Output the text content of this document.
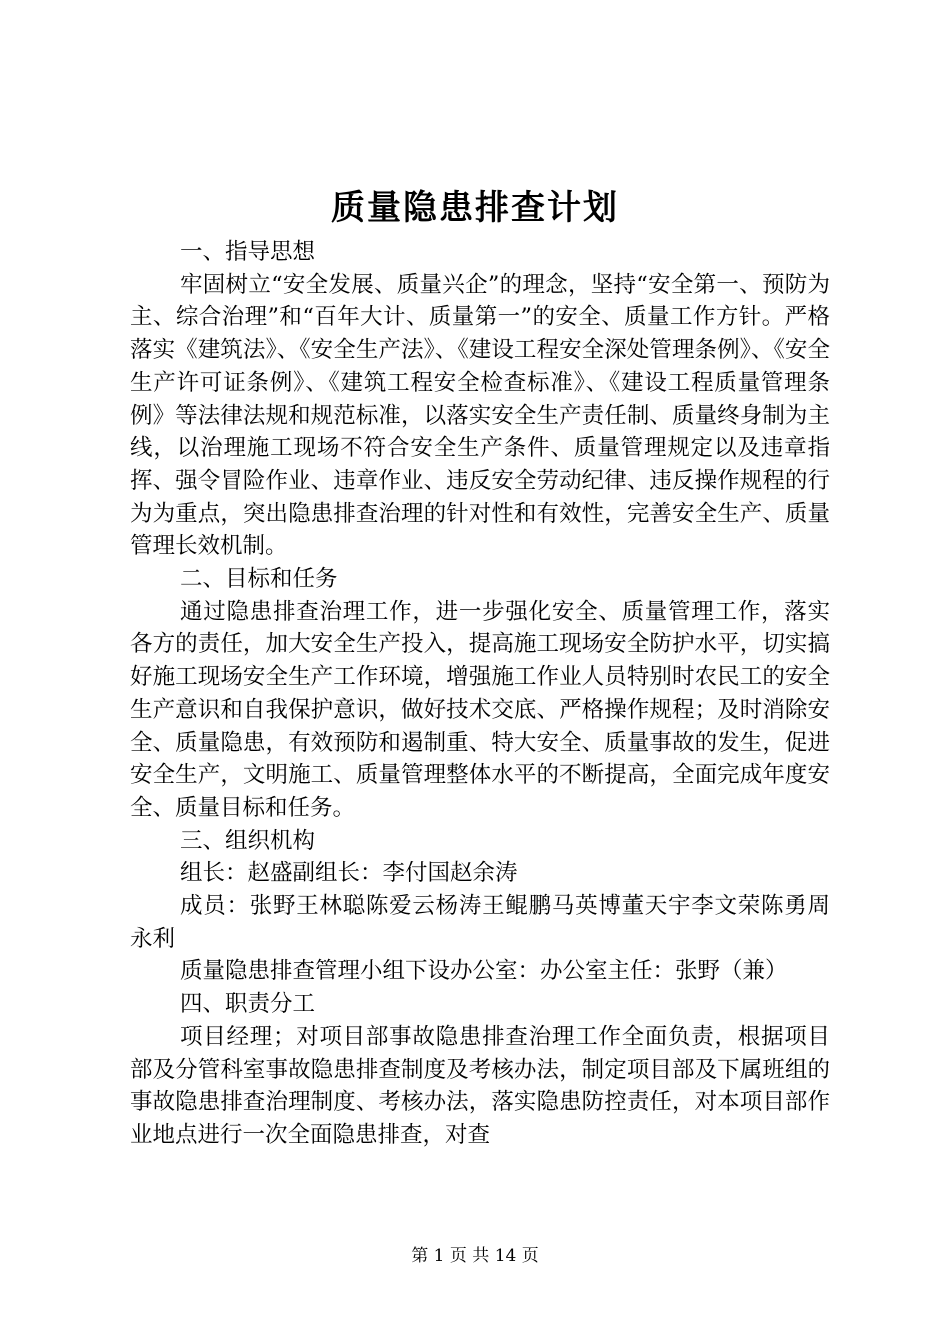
质量隐患排查计划

一、指导思想

牢固树立“安全发展、质量兴企”的理念，坚持“安全第一、预防为主、综合治理”和“百年大计、质量第一”的安全、质量工作方针。严格落实《建筑法》、《安全生产法》、《建设工程安全深处管理条例》、《安全生产许可证条例》、《建筑工程安全检查标准》、《建设工程质量管理条例》等法律法规和规范标准，以落实安全生产责任制、质量终身制为主线，以治理施工现场不符合安全生产条件、质量管理规定以及违章指挥、强令冒险作业、违章作业、违反安全劳动纪律、违反操作规程的行为为重点，突出隐患排查治理的针对性和有效性，完善安全生产、质量管理长效机制。

二、目标和任务

通过隐患排查治理工作，进一步强化安全、质量管理工作，落实各方的责任，加大安全生产投入，提高施工现场安全防护水平，切实搞好施工现场安全生产工作环境，增强施工作业人员特别时农民工的安全生产意识和自我保护意识，做好技术交底、严格操作规程；及时消除安全、质量隐患，有效预防和遏制重、特大安全、质量事故的发生，促进安全生产，文明施工、质量管理整体水平的不断提高，全面完成年度安全、质量目标和任务。

三、组织机构

组长：赵盛副组长：李付国赵余涛

成员：张野王林聪陈爱云杨涛王鲲鹏马英博董天宇李文荣陈勇周永利

质量隐患排查管理小组下设办公室：办公室主任：张野（兼）

四、职责分工

项目经理；对项目部事故隐患排查治理工作全面负责，根据项目部及分管科室事故隐患排查制度及考核办法，制定项目部及下属班组的事故隐患排查治理制度、考核办法，落实隐患防控责任，对本项目部作业地点进行一次全面隐患排查，对查

第 1 页 共 14 页
